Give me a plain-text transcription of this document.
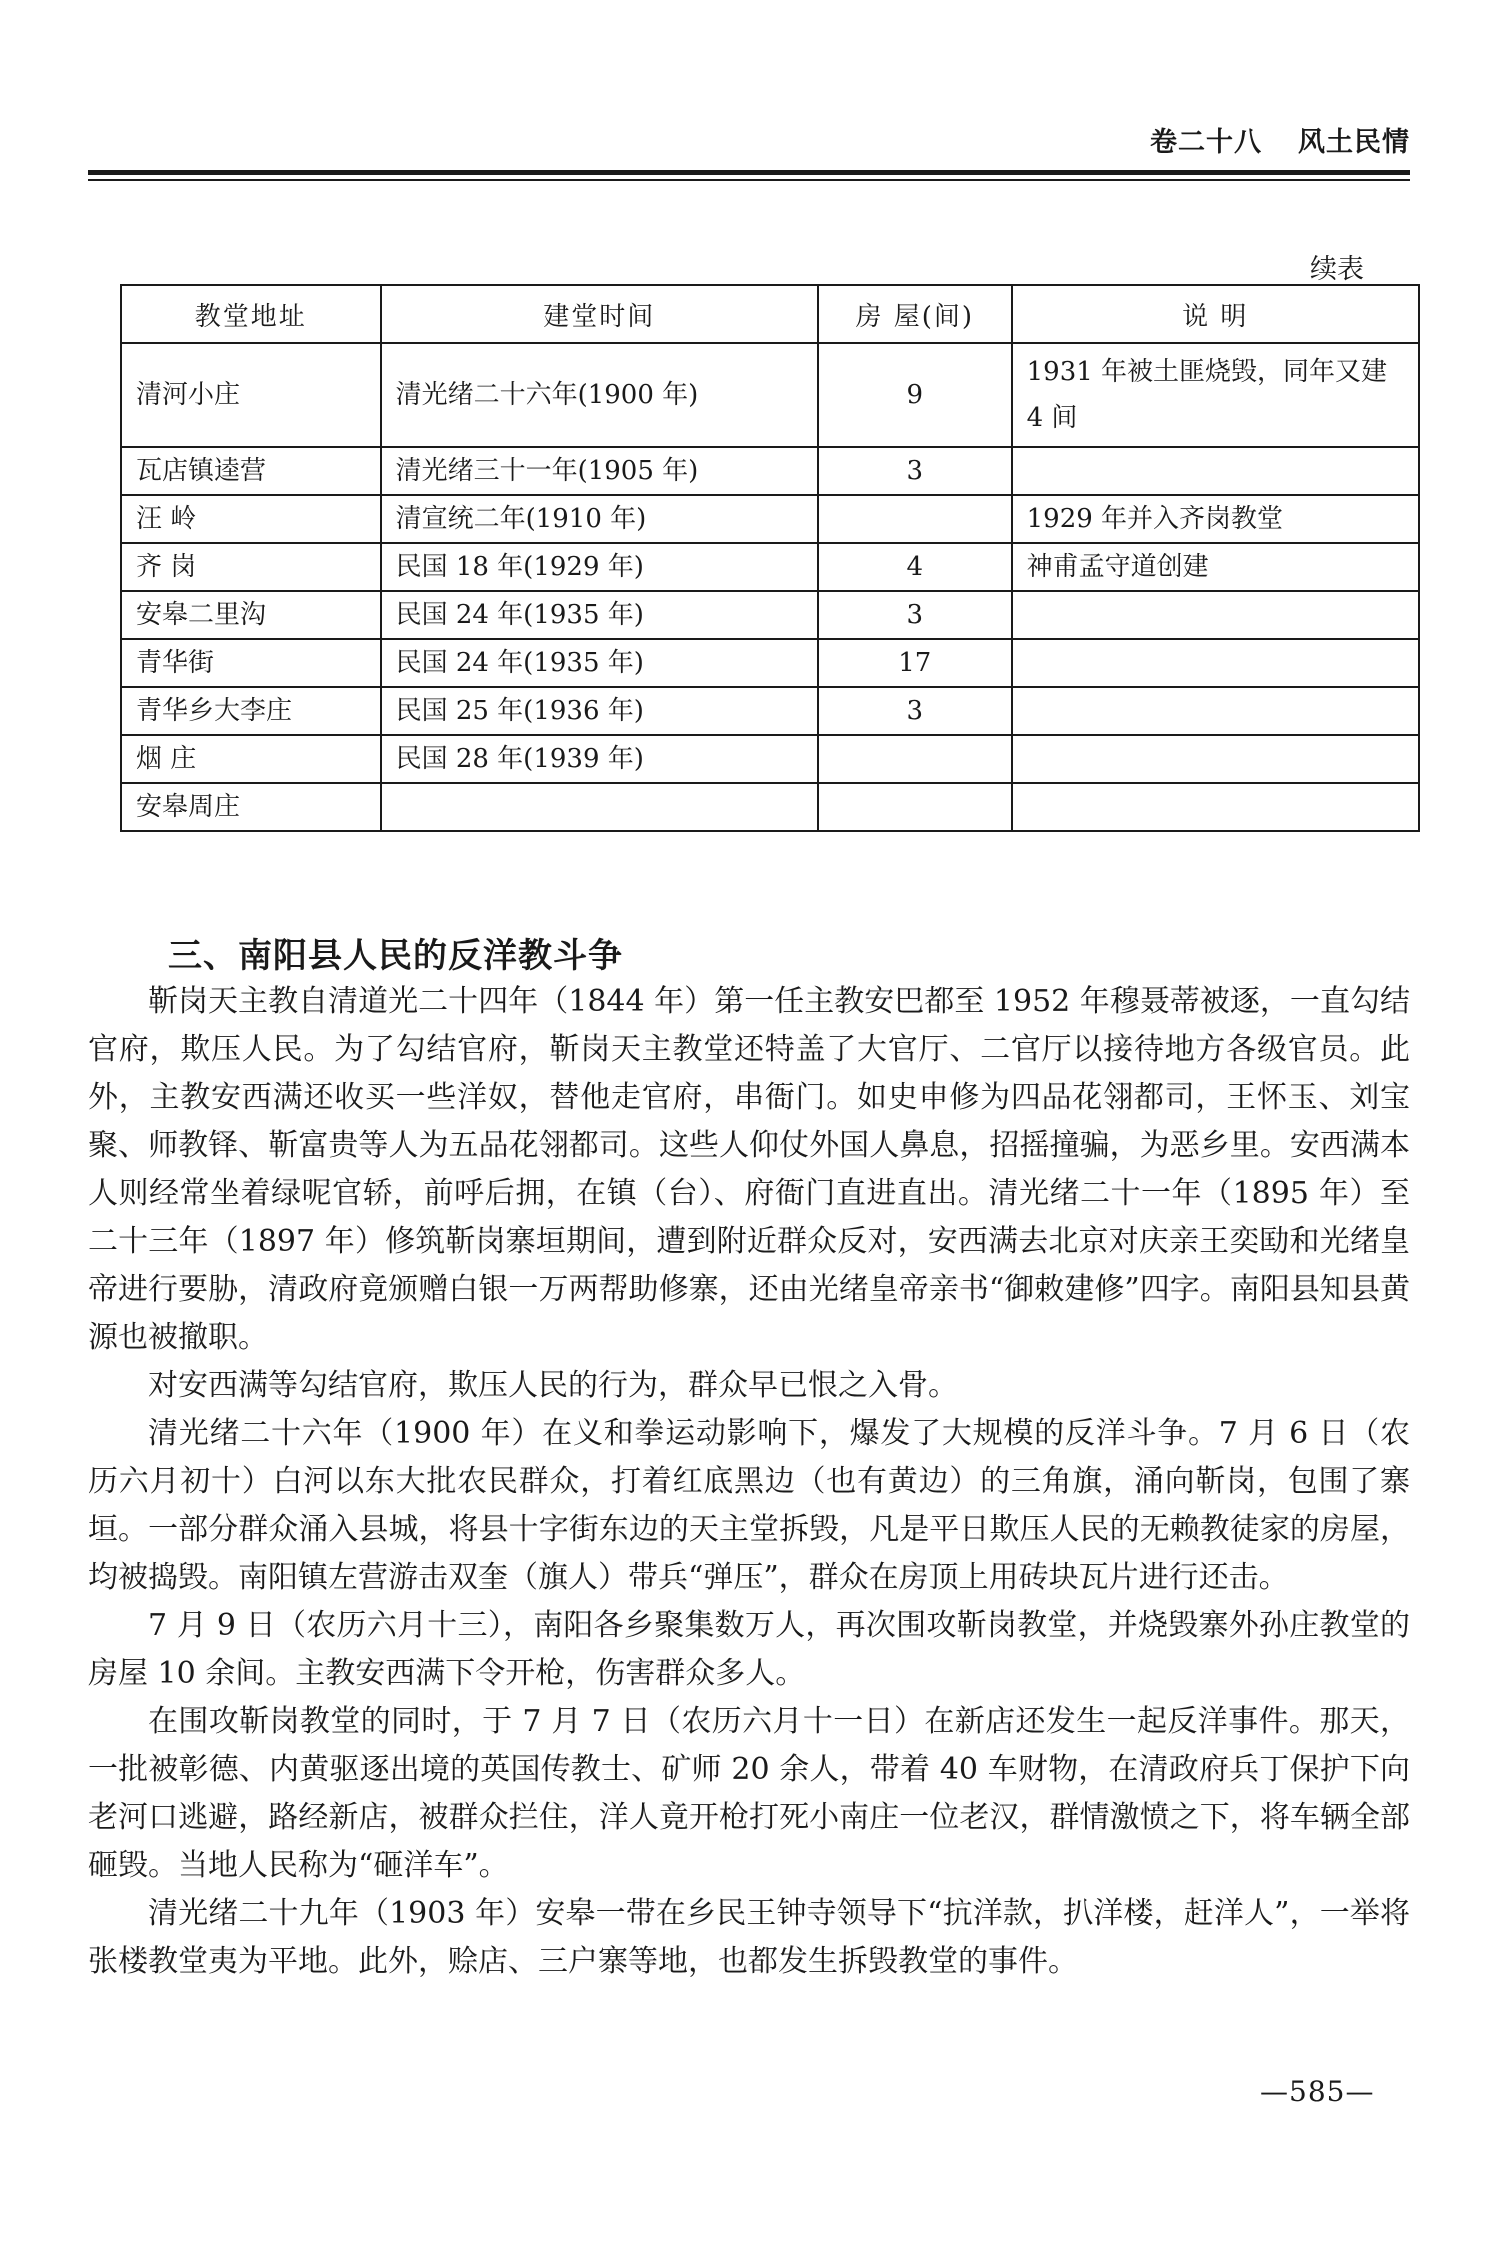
卷二十八 风土民情
续表
教堂地址	建堂时间	房 屋(间)	说 明
清河小庄	清光绪二十六年(1900 年)	9	1931 年被土匪烧毁，同年又建 4 间
瓦店镇逵营	清光绪三十一年(1905 年)	3	
汪 岭	清宣统二年(1910 年)		1929 年并入齐岗教堂
齐 岗	民国 18 年(1929 年)	4	神甫孟守道创建
安皋二里沟	民国 24 年(1935 年)	3	
青华街	民国 24 年(1935 年)	17	
青华乡大李庄	民国 25 年(1936 年)	3	
烟 庄	民国 28 年(1939 年)		
安皋周庄			
三、南阳县人民的反洋教斗争

靳岗天主教自清道光二十四年（1844 年）第一任主教安巴都至 1952 年穆聂蒂被逐，一直勾结官府，欺压人民。为了勾结官府，靳岗天主教堂还特盖了大官厅、二官厅以接待地方各级官员。此外，主教安西满还收买一些洋奴，替他走官府，串衙门。如史申修为四品花翎都司，王怀玉、刘宝聚、师教铎、靳富贵等人为五品花翎都司。这些人仰仗外国人鼻息，招摇撞骗，为恶乡里。安西满本人则经常坐着绿呢官轿，前呼后拥，在镇（台）、府衙门直进直出。清光绪二十一年（1895 年）至二十三年（1897 年）修筑靳岗寨垣期间，遭到附近群众反对，安西满去北京对庆亲王奕劻和光绪皇帝进行要胁，清政府竟颁赠白银一万两帮助修寨，还由光绪皇帝亲书“御敕建修”四字。南阳县知县黄源也被撤职。

对安西满等勾结官府，欺压人民的行为，群众早已恨之入骨。

清光绪二十六年（1900 年）在义和拳运动影响下，爆发了大规模的反洋斗争。7 月 6 日（农历六月初十）白河以东大批农民群众，打着红底黑边（也有黄边）的三角旗，涌向靳岗，包围了寨垣。一部分群众涌入县城，将县十字街东边的天主堂拆毁，凡是平日欺压人民的无赖教徒家的房屋，均被捣毁。南阳镇左营游击双奎（旗人）带兵“弹压”，群众在房顶上用砖块瓦片进行还击。

7 月 9 日（农历六月十三），南阳各乡聚集数万人，再次围攻靳岗教堂，并烧毁寨外孙庄教堂的房屋 10 余间。主教安西满下令开枪，伤害群众多人。

在围攻靳岗教堂的同时，于 7 月 7 日（农历六月十一日）在新店还发生一起反洋事件。那天，一批被彰德、内黄驱逐出境的英国传教士、矿师 20 余人，带着 40 车财物，在清政府兵丁保护下向老河口逃避，路经新店，被群众拦住，洋人竟开枪打死小南庄一位老汉，群情激愤之下，将车辆全部砸毁。当地人民称为“砸洋车”。

清光绪二十九年（1903 年）安皋一带在乡民王钟寺领导下“抗洋款，扒洋楼，赶洋人”，一举将张楼教堂夷为平地。此外，赊店、三户寨等地，也都发生拆毁教堂的事件。

—585—
